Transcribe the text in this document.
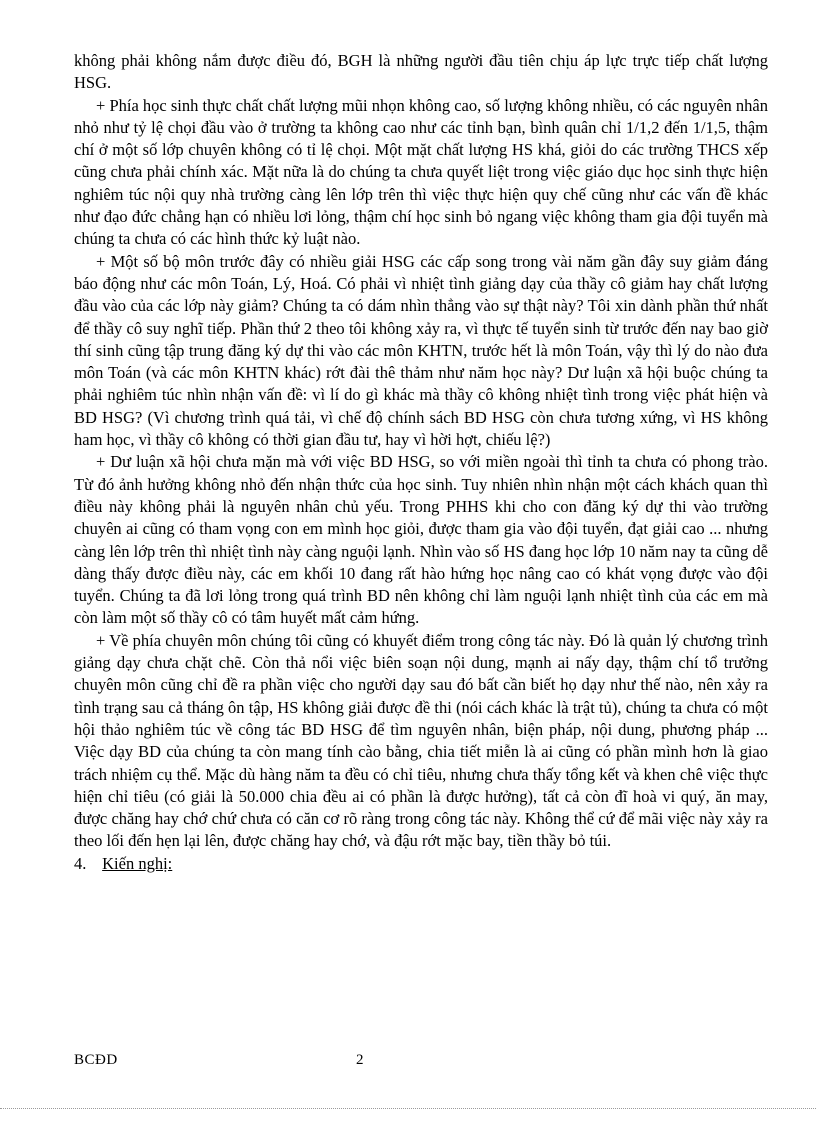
không phải không nắm được điều đó, BGH là những người đầu tiên chịu áp lực trực tiếp chất lượng HSG.

+ Phía học sinh thực chất chất lượng mũi nhọn không cao, số lượng không nhiều, có các nguyên nhân nhỏ như tỷ lệ chọi đầu vào ở trường ta không cao như các tỉnh bạn, bình quân chỉ 1/1,2 đến 1/1,5, thậm chí ở một số lớp chuyên không có tỉ lệ chọi. Một mặt chất lượng HS khá, giỏi do các trường THCS xếp cũng chưa phải chính xác. Mặt nữa là do chúng ta chưa quyết liệt trong việc giáo dục học sinh thực hiện nghiêm túc nội quy nhà trường càng lên lớp trên thì việc thực hiện quy chế cũng như các vấn đề khác như đạo đức chẳng hạn có nhiều lơi lỏng, thậm chí học sinh bỏ ngang việc không tham gia đội tuyển mà chúng ta chưa có các hình thức kỷ luật nào.

+ Một số bộ môn trước đây có nhiều giải HSG các cấp song trong vài năm gần đây suy giảm đáng báo động như các môn Toán, Lý, Hoá. Có phải vì nhiệt tình giảng dạy của thầy cô giảm hay chất lượng đầu vào của các lớp này giảm? Chúng ta có dám nhìn thẳng vào sự thật này? Tôi xin dành phần thứ nhất để thầy cô suy nghĩ tiếp. Phần thứ 2 theo tôi không xảy ra, vì thực tế tuyển sinh từ trước đến nay bao giờ thí sinh cũng tập trung đăng ký dự thi vào các môn KHTN, trước hết là môn Toán, vậy thì lý do nào đưa môn Toán (và các môn KHTN khác) rớt đài thê thảm như năm học này? Dư luận xã hội buộc chúng ta phải nghiêm túc nhìn nhận vấn đề: vì lí do gì khác mà thầy cô không nhiệt tình trong việc phát hiện và BD HSG? (Vì chương trình quá tải, vì chế độ chính sách BD HSG còn chưa tương xứng, vì HS không ham học, vì thầy cô không có thời gian đầu tư, hay vì hời hợt, chiếu lệ?)

+ Dư luận xã hội chưa mặn mà với việc BD HSG, so với miền ngoài thì tỉnh ta chưa có phong trào. Từ đó ảnh hưởng không nhỏ đến nhận thức của học sinh. Tuy nhiên nhìn nhận một cách khách quan thì điều này không phải là nguyên nhân chủ yếu. Trong PHHS khi cho con đăng ký dự thi vào trường chuyên ai cũng có tham vọng con em mình học giỏi, được tham gia vào đội tuyển, đạt giải cao ... nhưng càng lên lớp trên thì nhiệt tình này càng nguội lạnh. Nhìn vào số HS đang học lớp 10 năm nay ta cũng dễ dàng thấy được điều này, các em khối 10 đang rất hào hứng học nâng cao có khát vọng được vào đội tuyển. Chúng ta đã lơi lỏng trong quá trình BD nên không chỉ làm nguội lạnh nhiệt tình của các em mà còn làm một số thầy cô có tâm huyết mất cảm hứng.

+ Về phía chuyên môn chúng tôi cũng có khuyết điểm trong công tác này. Đó là quản lý chương trình giảng dạy chưa chặt chẽ. Còn thả nổi việc biên soạn nội dung, mạnh ai nấy dạy, thậm chí tổ trưởng chuyên môn cũng chỉ đề ra phần việc cho người dạy sau đó bất cần biết họ dạy như thế nào, nên xảy ra tình trạng sau cả tháng ôn tập, HS không giải được đề thi (nói cách khác là trật tủ), chúng ta chưa có một hội thảo nghiêm túc về công tác BD HSG để tìm nguyên nhân, biện pháp, nội dung, phương pháp ... Việc dạy BD của chúng ta còn mang tính cào bằng, chia tiết miễn là ai cũng có phần mình hơn là giao trách nhiệm cụ thể. Mặc dù hàng năm ta đều có chỉ tiêu, nhưng chưa thấy tổng kết và khen chê việc thực hiện chỉ tiêu (có giải là 50.000 chia đều ai có phần là được hưởng), tất cả còn đĩ hoà vi quý, ăn may, được chăng hay chớ chứ chưa có căn cơ rõ ràng trong công tác này. Không thể cứ để mãi việc này xảy ra theo lối đến hẹn lại lên, được chăng hay chớ, và đậu rớt mặc bay, tiền thầy bỏ túi.

4. Kiến nghị:

BCĐD	2
